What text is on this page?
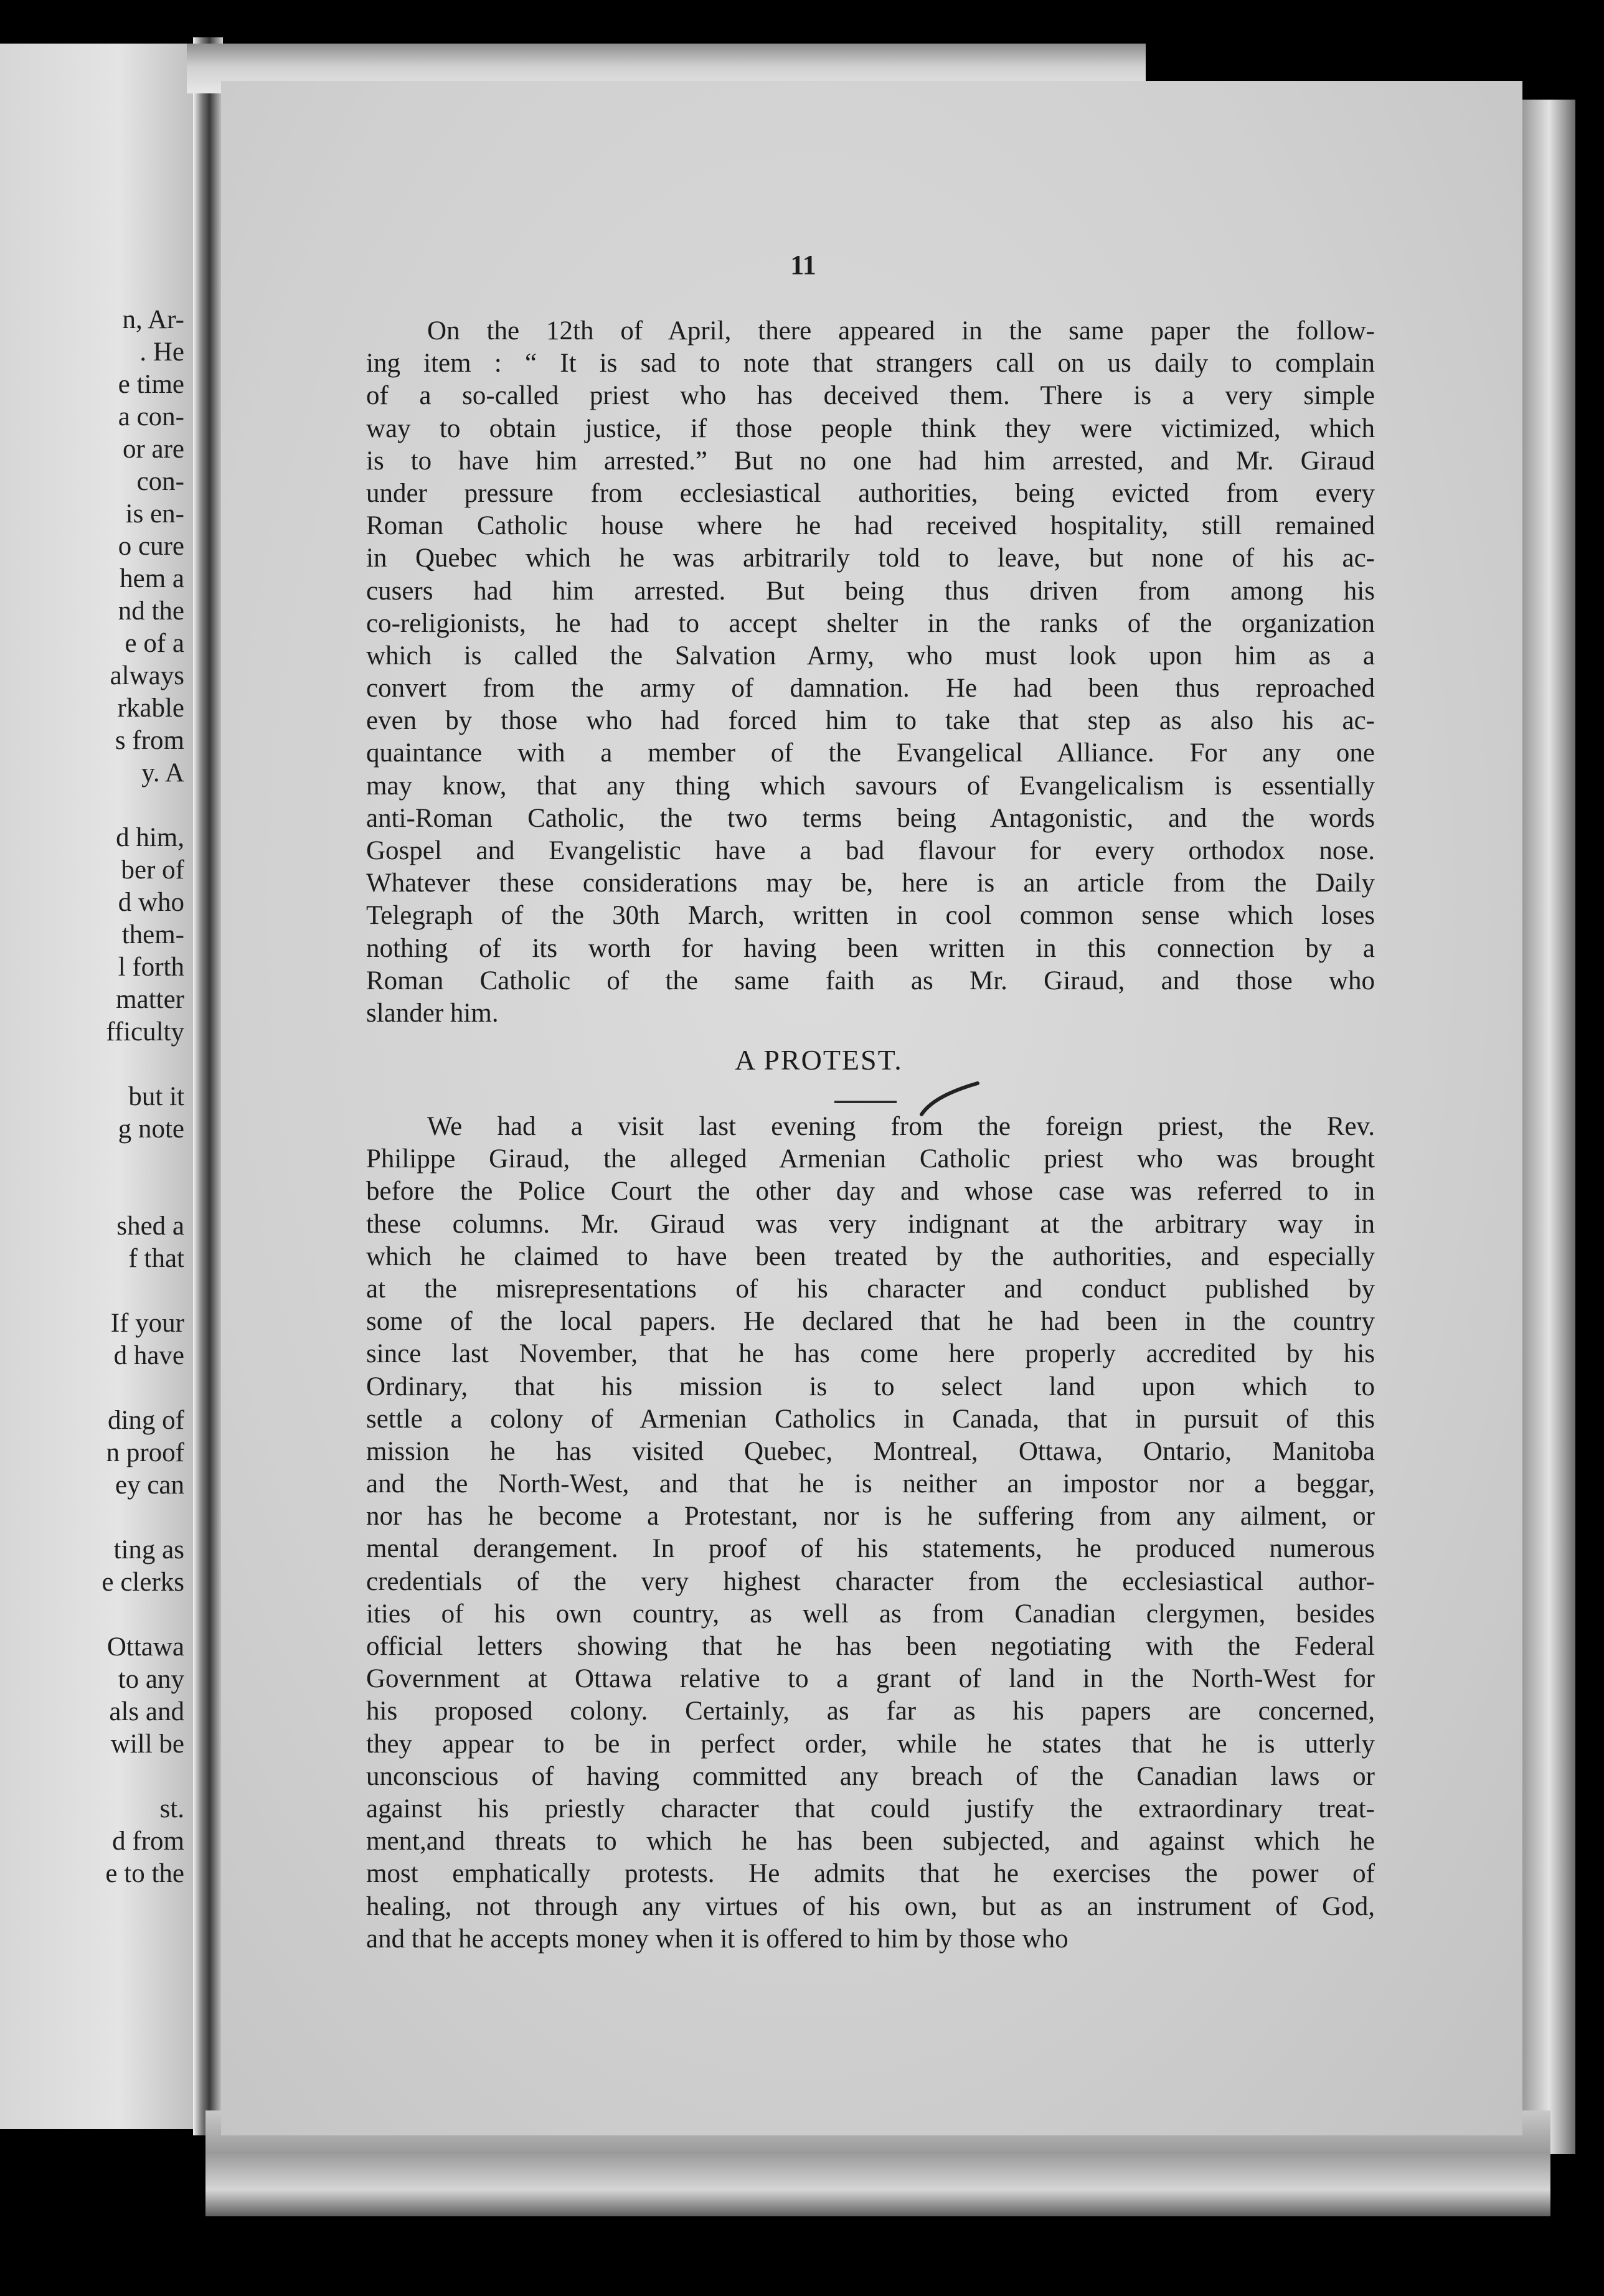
n, Ar-
. He
e time
a con-
or are
con-
is en-
o cure
hem a
nd the
e of a
always
rkable
s from
y. A
d him,
ber of
d who
them-
l forth
matter
fficulty
but it
g note
shed a
f that
If your
d have
ding of
n proof
ey can
ting as
e clerks
Ottawa
to any
als and
will be
st.
d from
e to the
11
On the 12th of April, there appeared in the same paper the follow-
ing item : “ It is sad to note that strangers call on us daily to complain
of a so-called priest who has deceived them. There is a very simple
way to obtain justice, if those people think they were victimized, which
is to have him arrested.” But no one had him arrested, and Mr. Giraud
under pressure from ecclesiastical authorities, being evicted from every
Roman Catholic house where he had received hospitality, still remained
in Quebec which he was arbitrarily told to leave, but none of his ac-
cusers had him arrested. But being thus driven from among his
co-religionists, he had to accept shelter in the ranks of the organization
which is called the Salvation Army, who must look upon him as a
convert from the army of damnation. He had been thus reproached
even by those who had forced him to take that step as also his ac-
quaintance with a member of the Evangelical Alliance. For any one
may know, that any thing which savours of Evangelicalism is essentially
anti-Roman Catholic, the two terms being Antagonistic, and the words
Gospel and Evangelistic have a bad flavour for every orthodox nose.
Whatever these considerations may be, here is an article from the Daily
Telegraph of the 30th March, written in cool common sense which loses
nothing of its worth for having been written in this connection by a
Roman Catholic of the same faith as Mr. Giraud, and those who
slander him.
A PROTEST.
We had a visit last evening from the foreign priest, the Rev.
Philippe Giraud, the alleged Armenian Catholic priest who was brought
before the Police Court the other day and whose case was referred to in
these columns. Mr. Giraud was very indignant at the arbitrary way in
which he claimed to have been treated by the authorities, and especially
at the misrepresentations of his character and conduct published by
some of the local papers. He declared that he had been in the country
since last November, that he has come here properly accredited by his
Ordinary, that his mission is to select land upon which to
settle a colony of Armenian Catholics in Canada, that in pursuit of this
mission he has visited Quebec, Montreal, Ottawa, Ontario, Manitoba
and the North-West, and that he is neither an impostor nor a beggar,
nor has he become a Protestant, nor is he suffering from any ailment, or
mental derangement. In proof of his statements, he produced numerous
credentials of the very highest character from the ecclesiastical author-
ities of his own country, as well as from Canadian clergymen, besides
official letters showing that he has been negotiating with the Federal
Government at Ottawa relative to a grant of land in the North-West for
his proposed colony. Certainly, as far as his papers are concerned,
they appear to be in perfect order, while he states that he is utterly
unconscious of having committed any breach of the Canadian laws or
against his priestly character that could justify the extraordinary treat-
ment,and threats to which he has been subjected, and against which he
most emphatically protests. He admits that he exercises the power of
healing, not through any virtues of his own, but as an instrument of God,
and that he accepts money when it is offered to him by those who
